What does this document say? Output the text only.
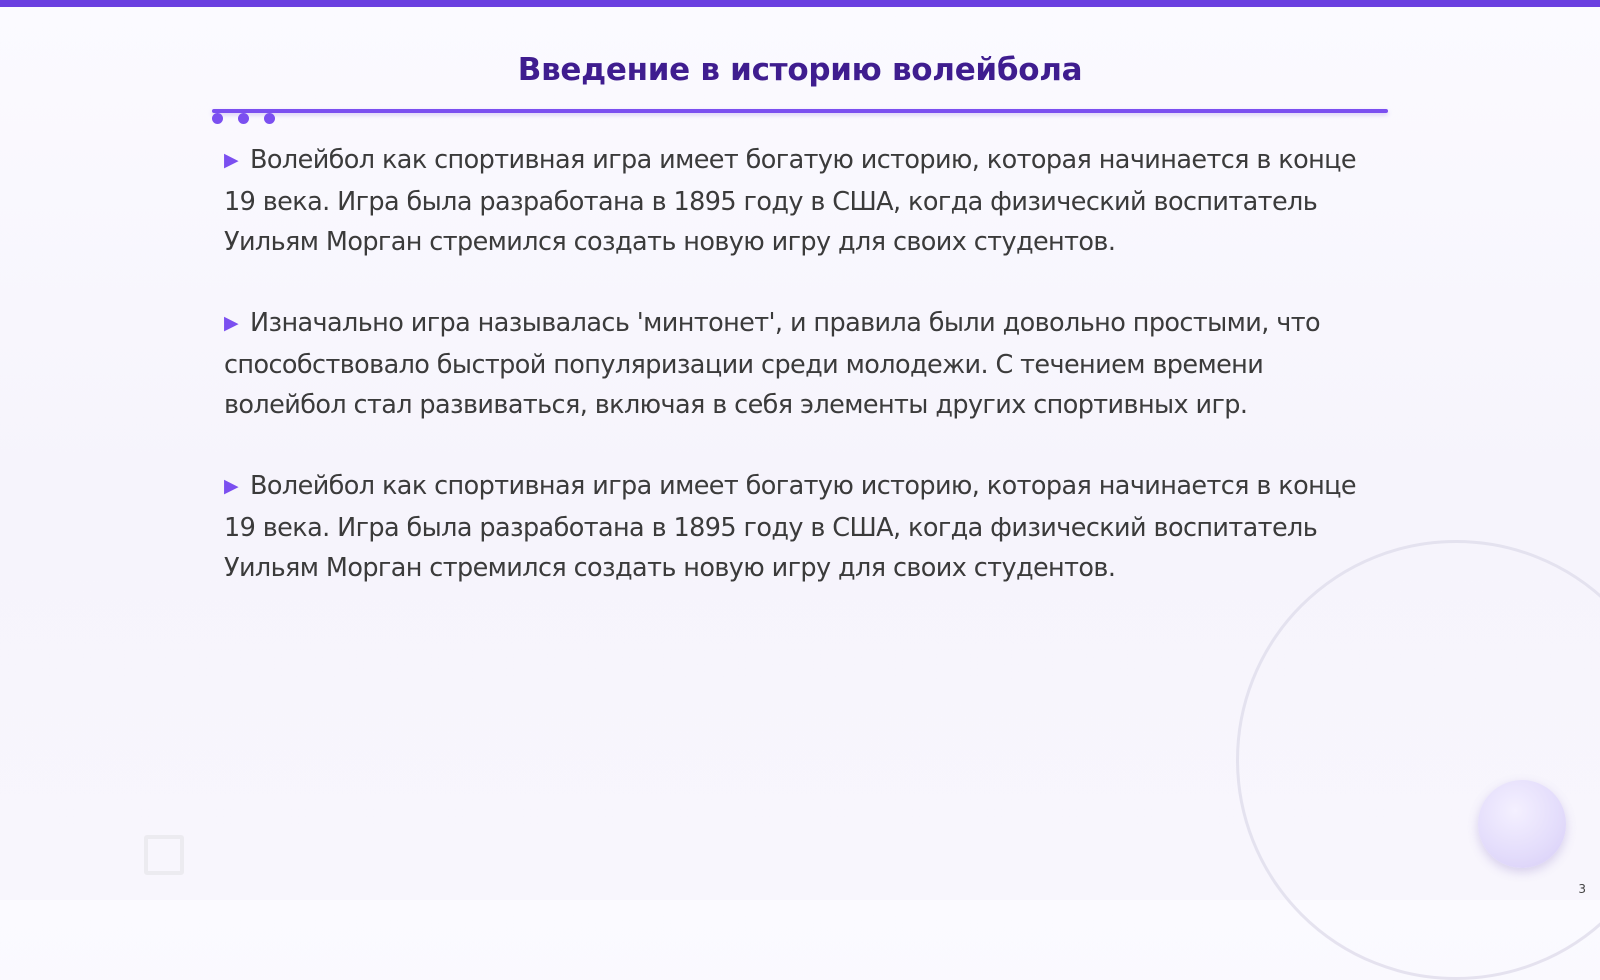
Введение в историю волейбола

▶ Волейбол как спортивная игра имеет богатую историю, которая начинается в конце 19 века. Игра была разработана в 1895 году в США, когда физический воспитатель Уильям Морган стремился создать новую игру для своих студентов.

▶ Изначально игра называлась 'минтонет', и правила были довольно простыми, что способствовало быстрой популяризации среди молодежи. С течением времени волейбол стал развиваться, включая в себя элементы других спортивных игр.

▶ Волейбол как спортивная игра имеет богатую историю, которая начинается в конце 19 века. Игра была разработана в 1895 году в США, когда физический воспитатель Уильям Морган стремился создать новую игру для своих студентов.

3
